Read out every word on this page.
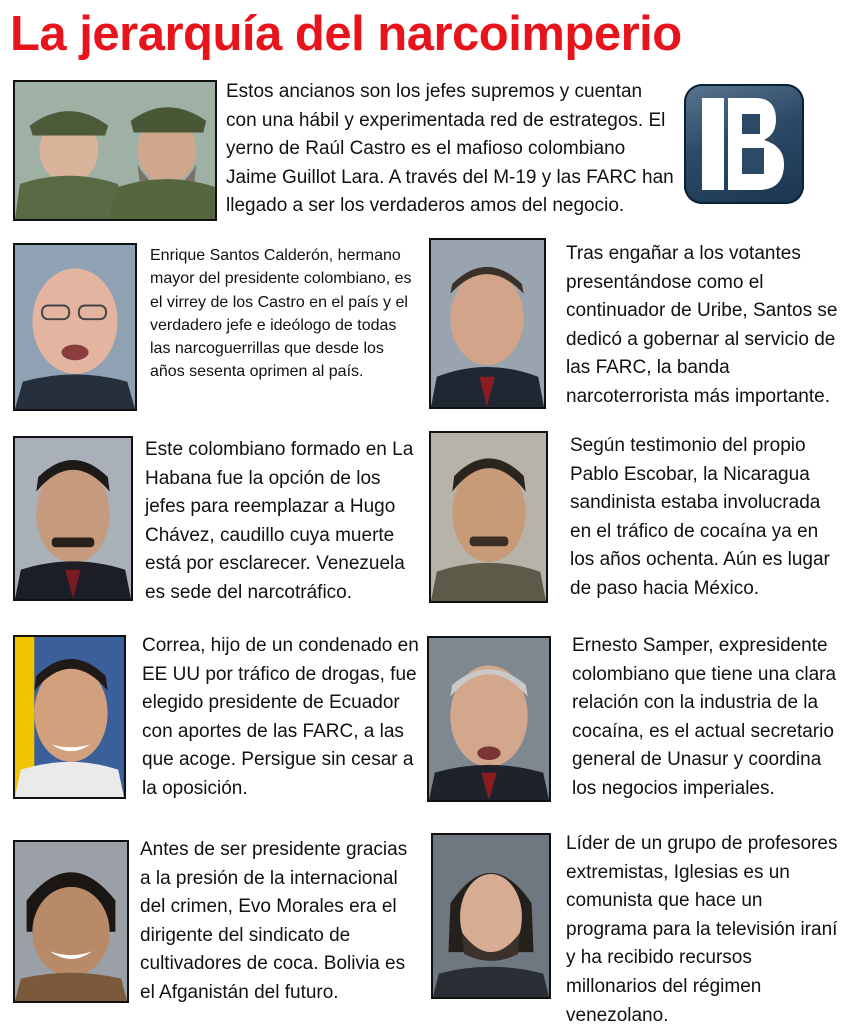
La jerarquía del narcoimperio
Estos ancianos son los jefes supremos y cuentan con una hábil y experimentada red de estrategos. El yerno de Raúl Castro es el mafioso colombiano Jaime Guillot Lara. A través del M-19 y las FARC han llegado a ser los verdaderos amos del negocio.
Enrique Santos Calderón, hermano mayor del presidente colombiano, es el virrey de los Castro en el país y el verdadero jefe e ideólogo de todas las narcoguerrillas que desde los años sesenta oprimen al país.
Tras engañar a los votantes presentándose como el continuador de Uribe, Santos se dedicó a gobernar al servicio de las FARC, la banda narcoterrorista más importante.
Este colombiano formado en La Habana fue la opción de los jefes para reemplazar a Hugo Chávez, caudillo cuya muerte está por esclarecer. Venezuela es sede del narcotráfico.
Según testimonio del propio Pablo Escobar, la Nicaragua sandinista estaba involucrada en el tráfico de cocaína ya en los años ochenta. Aún es lugar de paso hacia México.
Correa, hijo de un condenado en EE UU por tráfico de drogas, fue elegido presidente de Ecuador con aportes de las FARC, a las que acoge. Persigue sin cesar a la oposición.
Ernesto Samper, expresidente colombiano que tiene una clara relación con la industria de la cocaína, es el actual secretario general de Unasur y coordina los negocios imperiales.
Antes de ser presidente gracias a la presión de la internacional del crimen, Evo Morales era el dirigente del sindicato de cultivadores de coca. Bolivia es el Afganistán del futuro.
Líder de un grupo de profesores extremistas, Iglesias es un comunista que hace un programa para la televisión iraní y ha recibido recursos millonarios del régimen venezolano.
